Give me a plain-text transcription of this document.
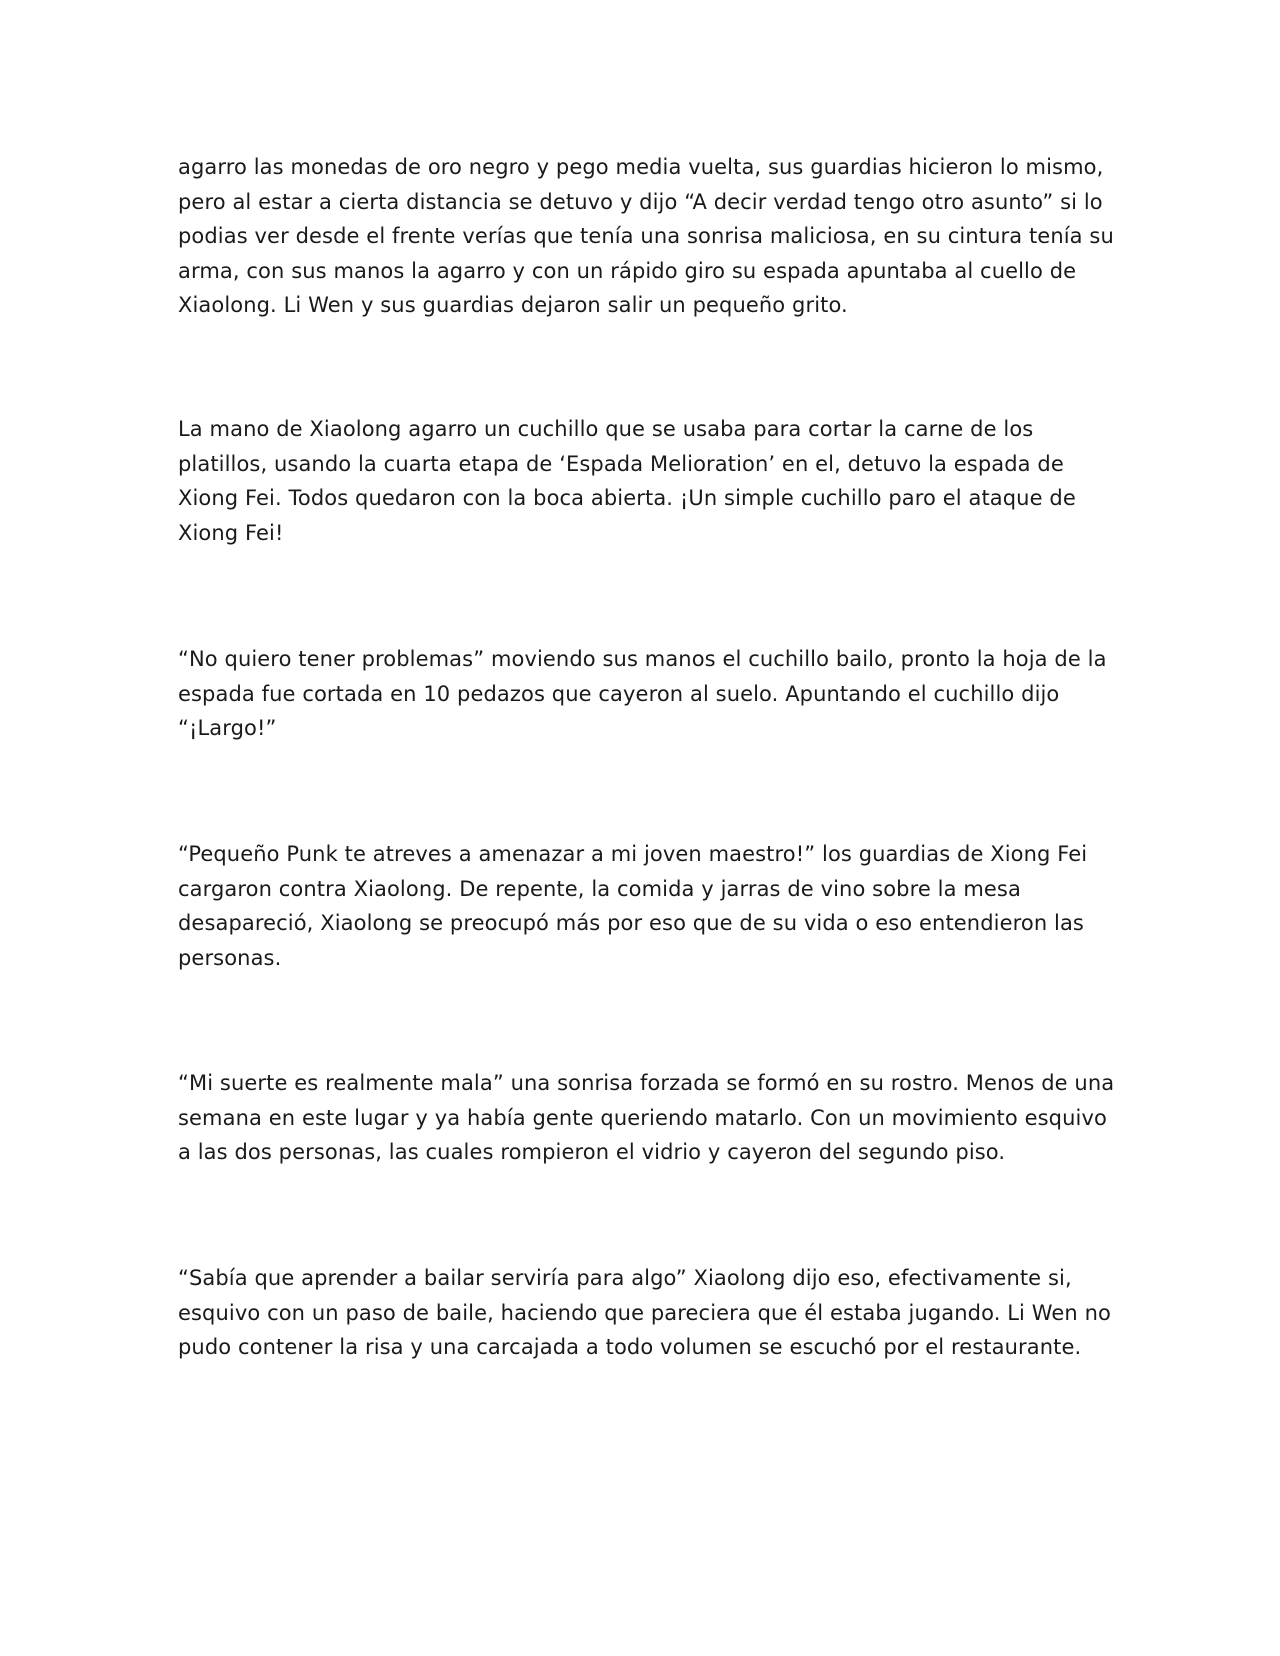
agarro las monedas de oro negro y pego media vuelta, sus guardias hicieron lo mismo, pero al estar a cierta distancia se detuvo y dijo “A decir verdad tengo otro asunto” si lo podias ver desde el frente verías que tenía una sonrisa maliciosa, en su cintura tenía su arma, con sus manos la agarro y con un rápido giro su espada apuntaba al cuello de Xiaolong. Li Wen y sus guardias dejaron salir un pequeño grito.

La mano de Xiaolong agarro un cuchillo que se usaba para cortar la carne de los platillos, usando la cuarta etapa de ‘Espada Melioration’ en el, detuvo la espada de Xiong Fei. Todos quedaron con la boca abierta. ¡Un simple cuchillo paro el ataque de Xiong Fei!

“No quiero tener problemas” moviendo sus manos el cuchillo bailo, pronto la hoja de la espada fue cortada en 10 pedazos que cayeron al suelo. Apuntando el cuchillo dijo “¡Largo!”

“Pequeño Punk te atreves a amenazar a mi joven maestro!” los guardias de Xiong Fei cargaron contra Xiaolong. De repente, la comida y jarras de vino sobre la mesa desapareció, Xiaolong se preocupó más por eso que de su vida o eso entendieron las personas.

“Mi suerte es realmente mala” una sonrisa forzada se formó en su rostro. Menos de una semana en este lugar y ya había gente queriendo matarlo. Con un movimiento esquivo a las dos personas, las cuales rompieron el vidrio y cayeron del segundo piso.

“Sabía que aprender a bailar serviría para algo” Xiaolong dijo eso, efectivamente si, esquivo con un paso de baile, haciendo que pareciera que él estaba jugando. Li Wen no pudo contener la risa y una carcajada a todo volumen se escuchó por el restaurante.
